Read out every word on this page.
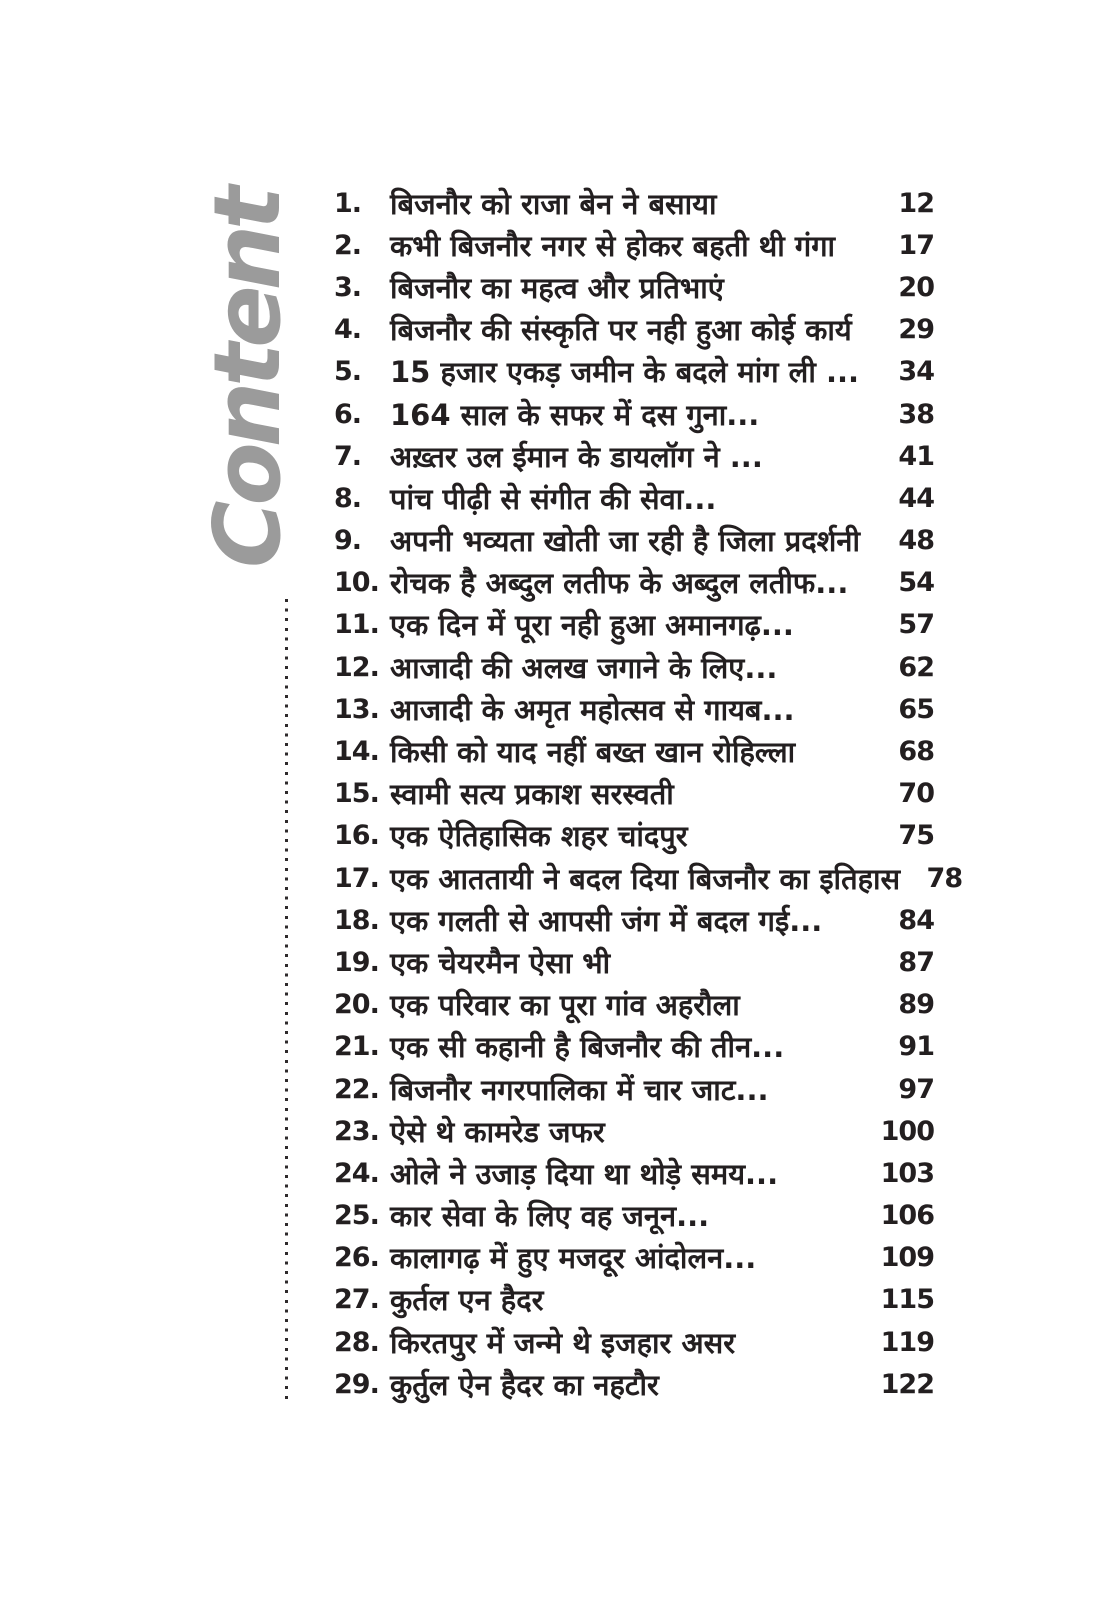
Content 1. बिजनौर को राजा बेन ने बसाया	12
2. कभी बिजनौर नगर से होकर बहती थी गंगा	17
3. बिजनौर का महत्व और प्रतिभाएं	20
4. बिजनौर की संस्कृति पर नही हुआ कोई कार्य	29
5. 15 हजार एकड़ जमीन के बदले मांग ली ...	34
6. 164 साल के सफर में दस गुना...	38
7. अख़्तर उल ईमान के डायलॉग ने ...	41
8. पांच पीढ़ी से संगीत की सेवा...	44
9. अपनी भव्यता खोती जा रही है जिला प्रदर्शनी	48
10. रोचक है अब्दुल लतीफ के अब्दुल लतीफ...	54
11. एक दिन में पूरा नही हुआ अमानगढ़...	57
12. आजादी की अलख जगाने के लिए...	62
13. आजादी के अमृत महोत्सव से गायब...	65
14. किसी को याद नहीं बख्त खान रोहिल्ला	68
15. स्वामी सत्य प्रकाश सरस्वती	70
16. एक ऐतिहासिक शहर चांदपुर	75
17. एक आततायी ने बदल दिया बिजनौर का इतिहास 78
18. एक गलती से आपसी जंग में बदल गई...	84
19. एक चेयरमैन ऐसा भी	87
20. एक परिवार का पूरा गांव अहरौला	89
21. एक सी कहानी है बिजनौर की तीन...	91
22. बिजनौर नगरपालिका में चार जाट...	97
23. ऐसे थे कामरेड जफर	100
24. ओले ने उजाड़ दिया था थोड़े समय...	103
25. कार सेवा के लिए वह जनून...	106
26. कालागढ़ में हुए मजदूर आंदोलन...	109
27. कुर्तल एन हैदर	115
28. किरतपुर में जन्मे थे इजहार असर	119
29. कुर्तुल ऐन हैदर का नहटौर	122
